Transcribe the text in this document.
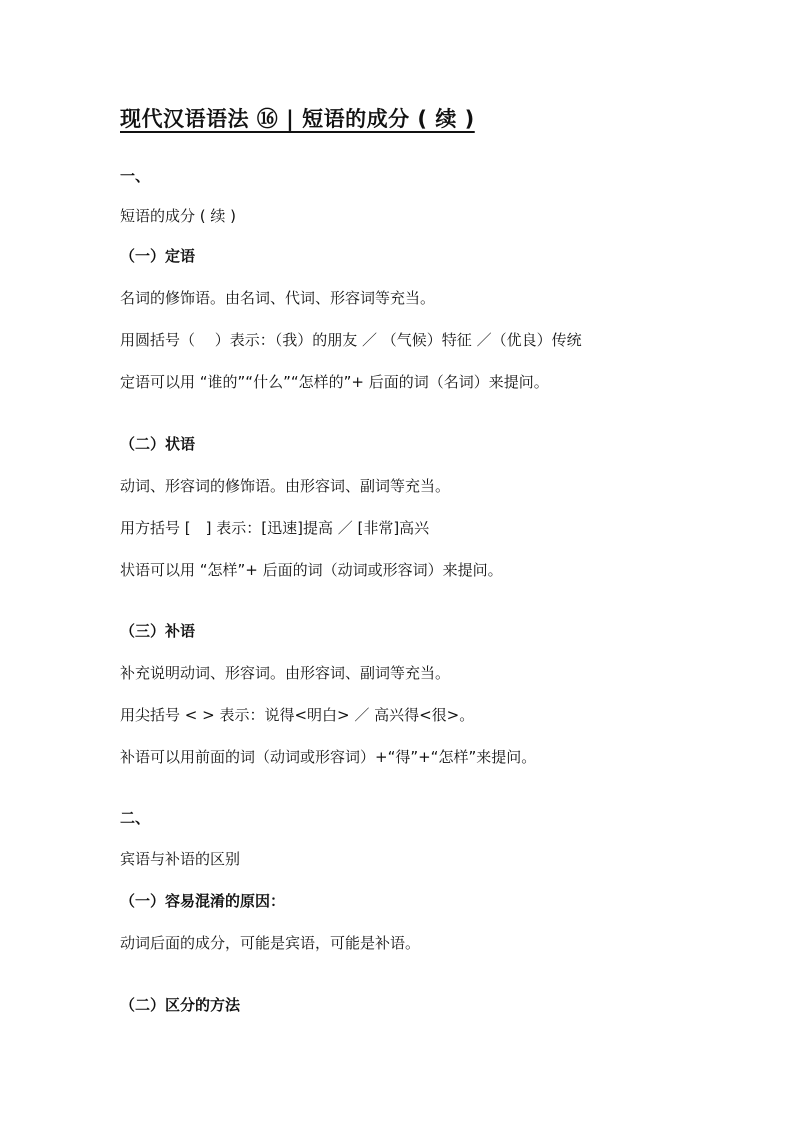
现代汉语语法 ⑯ | 短语的成分 ( 续 )

一、

短语的成分 ( 续 )

（一）定语

名词的修饰语。由名词、代词、形容词等充当。

用圆括号（　 ）表示：（我）的朋友 ／ （气候）特征 ／（优良）传统

定语可以用 “谁的”“什么”“怎样的”+ 后面的词（名词）来提问。

（二）状语

动词、形容词的修饰语。由形容词、副词等充当。

用方括号 [　] 表示：[迅速]提高 ／ [非常]高兴

状语可以用 “怎样”+ 后面的词（动词或形容词）来提问。

（三）补语

补充说明动词、形容词。由形容词、副词等充当。

用尖括号 < > 表示：说得<明白> ／ 高兴得<很>。

补语可以用前面的词（动词或形容词）+“得”+“怎样”来提问。

二、

宾语与补语的区别

（一）容易混淆的原因：

动词后面的成分，可能是宾语，可能是补语。

（二）区分的方法
